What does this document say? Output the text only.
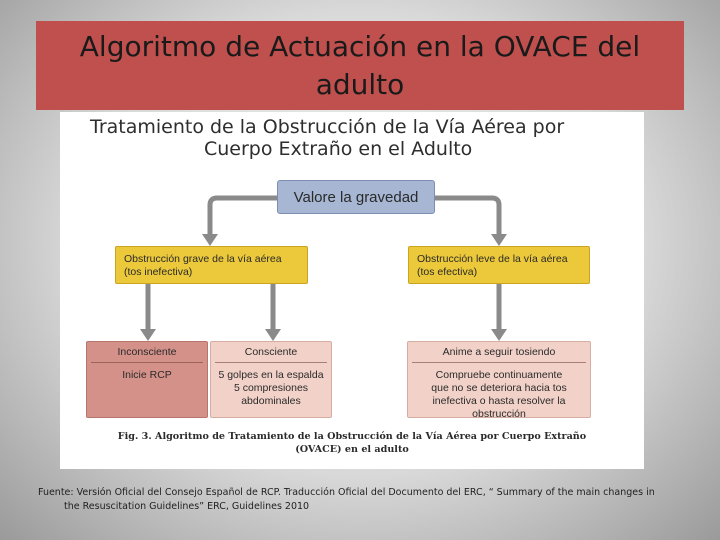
Algoritmo de Actuación en la OVACE del adulto
Tratamiento de la Obstrucción de la Vía Aérea por
Cuerpo Extraño en el Adulto
Valore la gravedad
Obstrucción grave de la vía aérea
(tos inefectiva)
Obstrucción leve de la vía aérea
(tos efectiva)
Inconsciente
Inicie RCP
Consciente
5 golpes en la espalda
5 compresiones
abdominales
Anime a seguir tosiendo
Compruebe continuamente
que no se deteriora hacia tos
inefectiva o hasta resolver la
obstrucción
Fig. 3. Algoritmo de Tratamiento de la Obstrucción de la Vía Aérea por Cuerpo Extraño
(OVACE) en el adulto
Fuente: Versión Oficial del Consejo Español de RCP. Traducción Oficial del Documento del ERC, “ Summary of the main changes in
the Resuscitation Guidelines” ERC, Guidelines 2010
